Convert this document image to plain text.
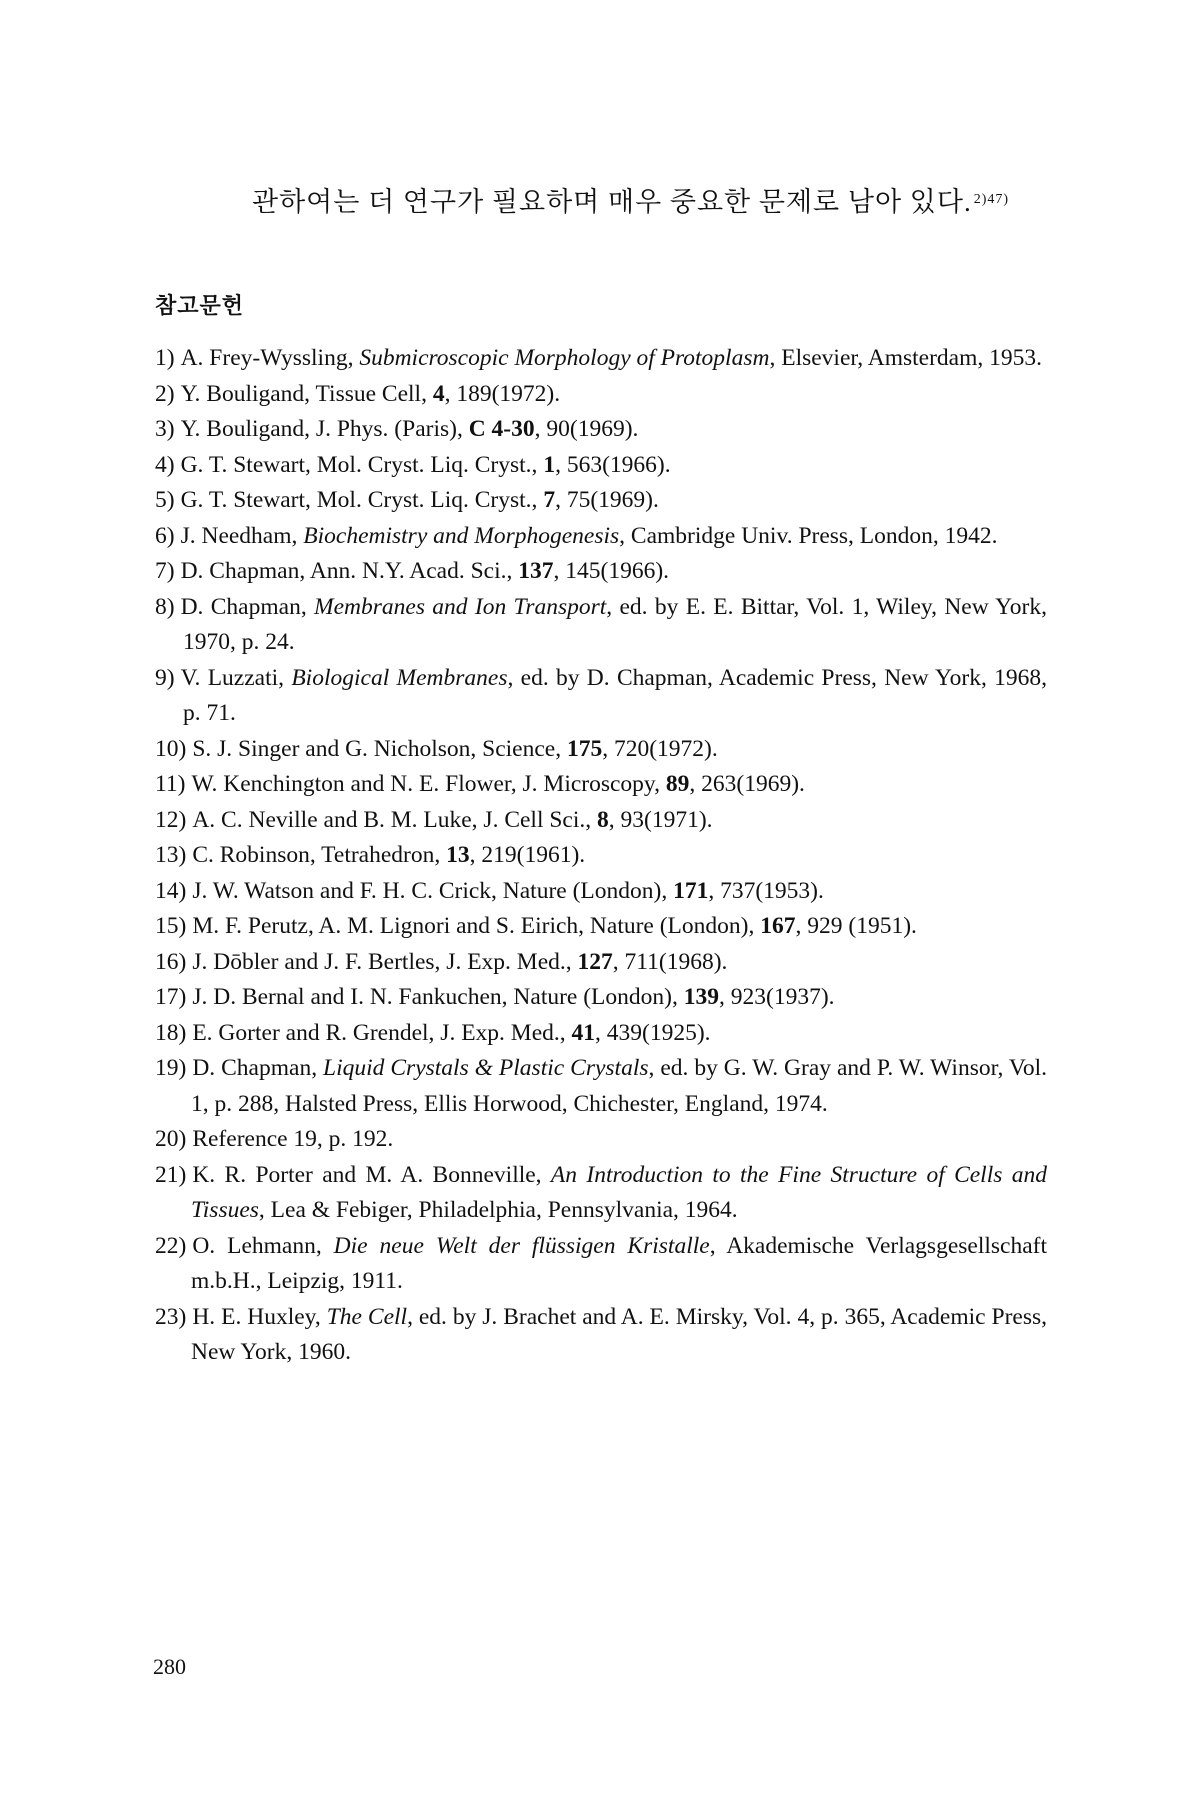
관하여는 더 연구가 필요하며 매우 중요한 문제로 남아 있다. $^{2)47)}$
참고문헌
1) A. Frey-Wyssling, Submicroscopic Morphology of Protoplasm, Elsevier, Amsterdam, 1953.
2) Y. Bouligand, Tissue Cell, 4, 189(1972).
3) Y. Bouligand, J. Phys. (Paris), C 4-30, 90(1969).
4) G. T. Stewart, Mol. Cryst. Liq. Cryst., 1, 563(1966).
5) G. T. Stewart, Mol. Cryst. Liq. Cryst., 7, 75(1969).
6) J. Needham, Biochemistry and Morphogenesis, Cambridge Univ. Press, London, 1942.
7) D. Chapman, Ann. N.Y. Acad. Sci., 137, 145(1966).
8) D. Chapman, Membranes and Ion Transport, ed. by E. E. Bittar, Vol. 1, Wiley, New York, 1970, p. 24.
9) V. Luzzati, Biological Membranes, ed. by D. Chapman, Academic Press, New York, 1968, p. 71.
10) S. J. Singer and G. Nicholson, Science, 175, 720(1972).
11) W. Kenchington and N. E. Flower, J. Microscopy, 89, 263(1969).
12) A. C. Neville and B. M. Luke, J. Cell Sci., 8, 93(1971).
13) C. Robinson, Tetrahedron, 13, 219(1961).
14) J. W. Watson and F. H. C. Crick, Nature (London), 171, 737(1953).
15) M. F. Perutz, A. M. Lignori and S. Eirich, Nature (London), 167, 929 (1951).
16) J. Dōbler and J. F. Bertles, J. Exp. Med., 127, 711(1968).
17) J. D. Bernal and I. N. Fankuchen, Nature (London), 139, 923(1937).
18) E. Gorter and R. Grendel, J. Exp. Med., 41, 439(1925).
19) D. Chapman, Liquid Crystals & Plastic Crystals, ed. by G. W. Gray and P. W. Winsor, Vol. 1, p. 288, Halsted Press, Ellis Horwood, Chichester, England, 1974.
20) Reference 19, p. 192.
21) K. R. Porter and M. A. Bonneville, An Introduction to the Fine Structure of Cells and Tissues, Lea & Febiger, Philadelphia, Pennsylvania, 1964.
22) O. Lehmann, Die neue Welt der flüssigen Kristalle, Akademische Verlagsgesellschaft m.b.H., Leipzig, 1911.
23) H. E. Huxley, The Cell, ed. by J. Brachet and A. E. Mirsky, Vol. 4, p. 365, Academic Press, New York, 1960.
280
